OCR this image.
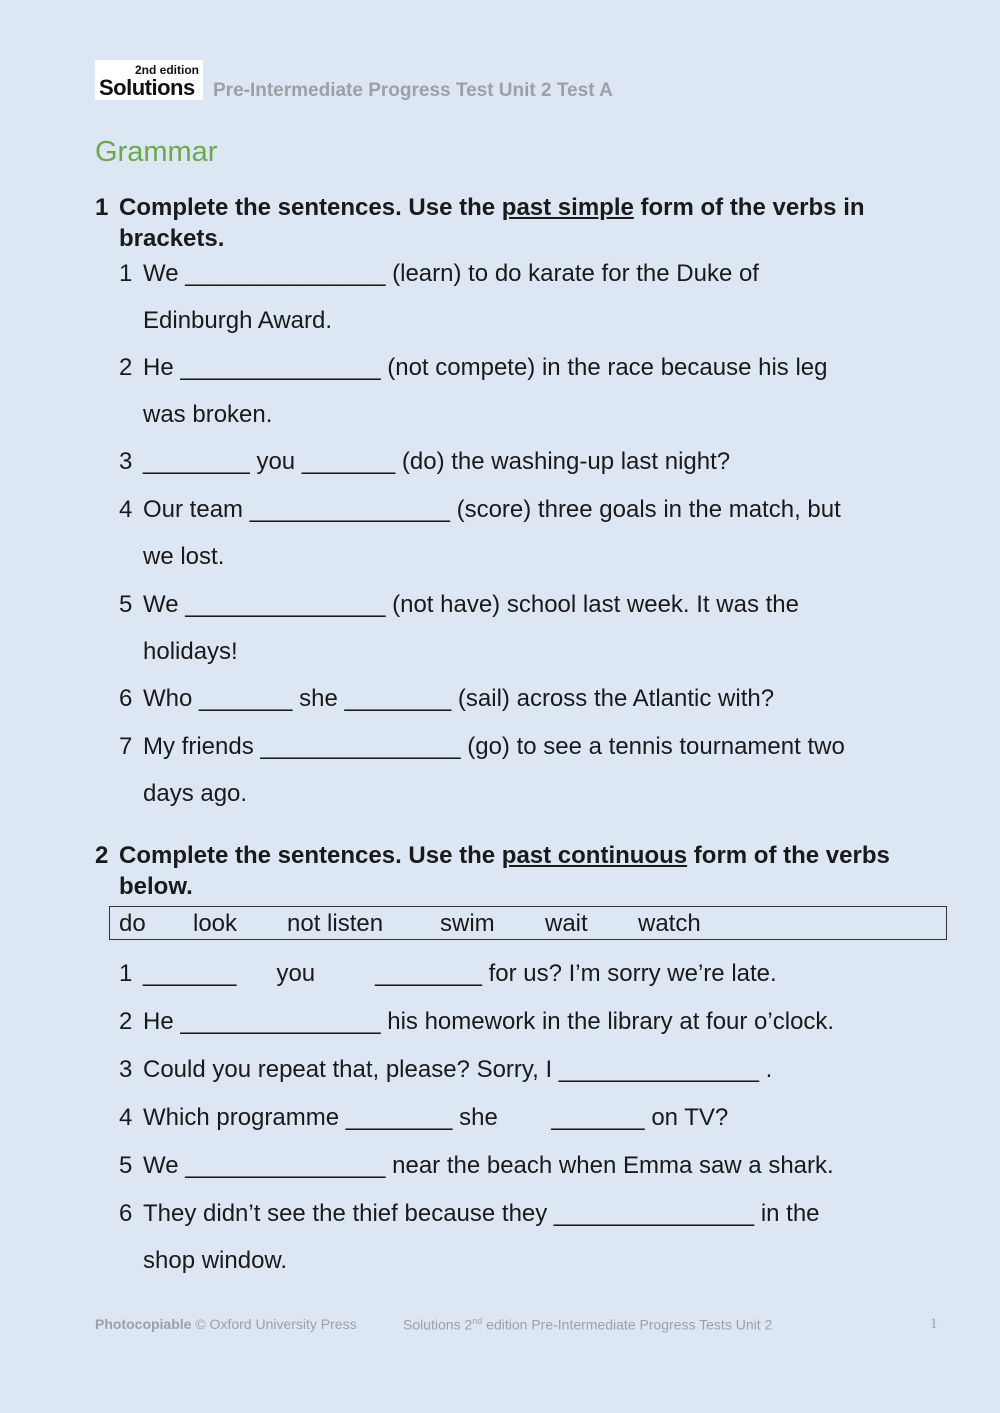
2nd edition
Solutions Pre-Intermediate Progress Test Unit 2 Test A
Grammar
1 Complete the sentences. Use the past simple form of the verbs in brackets.
1 We _______________ (learn) to do karate for the Duke of
Edinburgh Award.
2 He _______________ (not compete) in the race because his leg
was broken.
3 ________ you _______ (do) the washing-up last night?
4 Our team _______________ (score) three goals in the match, but
we lost.
5 We _______________ (not have) school last week. It was the
holidays!
6 Who _______ she ________ (sail) across the Atlantic with?
7 My friends _______________ (go) to see a tennis tournament two
days ago.
2 Complete the sentences. Use the past continuous form of the verbs below.
do look not listen swim wait watch
1 _______      you         ________ for us? I’m sorry we’re late.
2 He _______________ his homework in the library at four o’clock.
3 Could you repeat that, please? Sorry, I _______________ .
4 Which programme ________ she        _______ on TV?
5 We _______________ near the beach when Emma saw a shark.
6 They didn’t see the thief because they _______________ in the
shop window.
Photocopiable © Oxford University Press	Solutions 2nd edition Pre-Intermediate Progress Tests Unit 2	1
